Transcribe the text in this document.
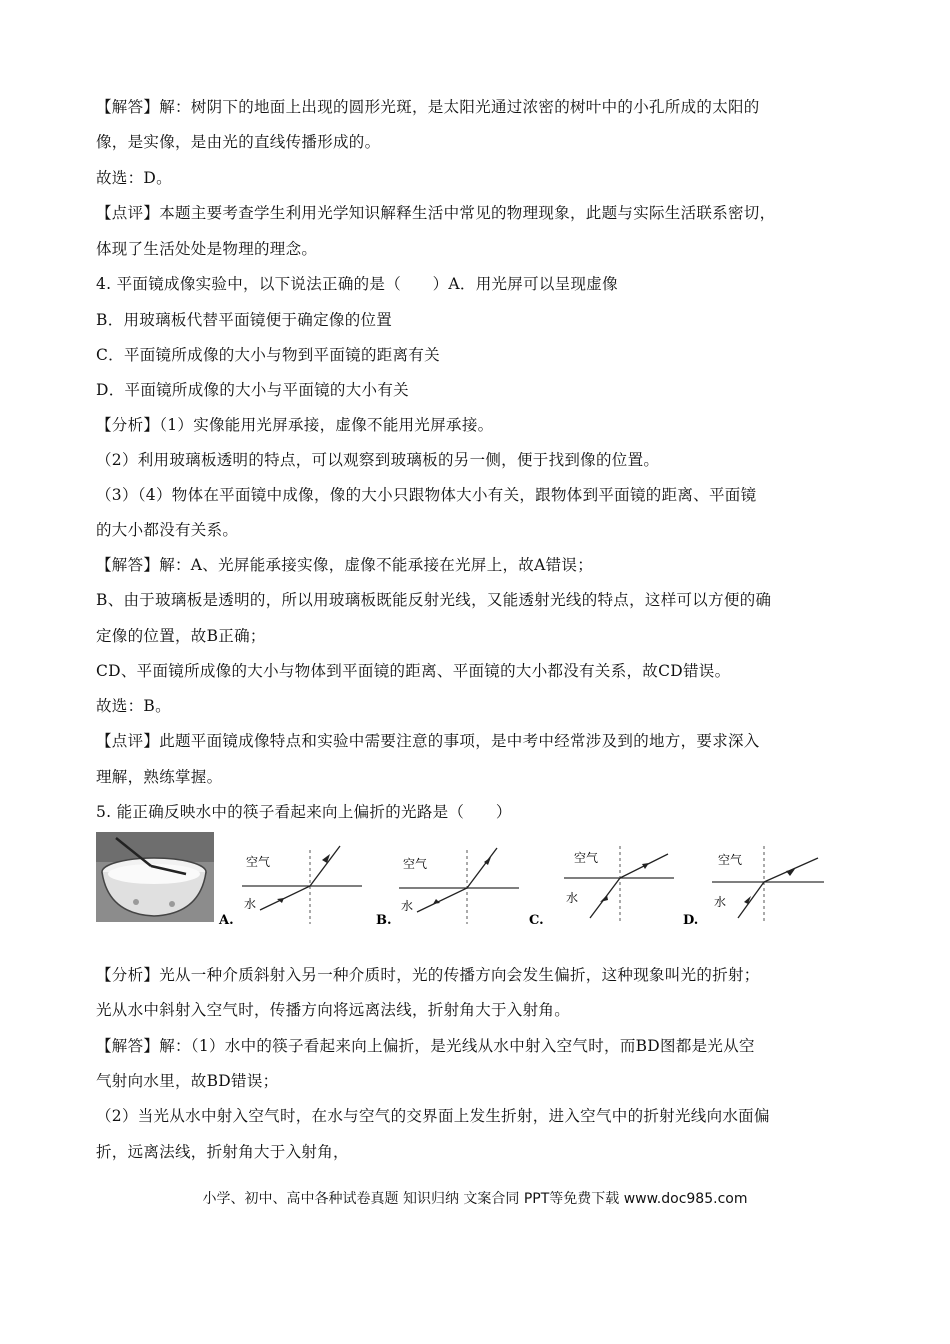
【解答】解：树阴下的地面上出现的圆形光斑，是太阳光通过浓密的树叶中的小孔所成的太阳的
像，是实像，是由光的直线传播形成的。
故选：D。
【点评】本题主要考查学生利用光学知识解释生活中常见的物理现象，此题与实际生活联系密切，
体现了生活处处是物理的理念。
4. 平面镜成像实验中，以下说法正确的是（　　）A．用光屏可以呈现虚像
B．用玻璃板代替平面镜便于确定像的位置
C．平面镜所成像的大小与物到平面镜的距离有关
D．平面镜所成像的大小与平面镜的大小有关
【分析】（1）实像能用光屏承接，虚像不能用光屏承接。
（2）利用玻璃板透明的特点，可以观察到玻璃板的另一侧，便于找到像的位置。
（3）（4）物体在平面镜中成像，像的大小只跟物体大小有关，跟物体到平面镜的距离、平面镜
的大小都没有关系。
【解答】解：A、光屏能承接实像，虚像不能承接在光屏上，故A错误；
B、由于玻璃板是透明的，所以用玻璃板既能反射光线，又能透射光线的特点，这样可以方便的确
定像的位置，故B正确；
CD、平面镜所成像的大小与物体到平面镜的距离、平面镜的大小都没有关系，故CD错误。
故选：B。
【点评】此题平面镜成像特点和实验中需要注意的事项，是中考中经常涉及到的地方，要求深入
理解，熟练掌握。
5. 能正确反映水中的筷子看起来向上偏折的光路是（　　）
【分析】光从一种介质斜射入另一种介质时，光的传播方向会发生偏折，这种现象叫光的折射；
光从水中斜射入空气时，传播方向将远离法线，折射角大于入射角。
【解答】解：（1）水中的筷子看起来向上偏折，是光线从水中射入空气时，而BD图都是光从空
气射向水里，故BD错误；
（2）当光从水中射入空气时，在水与空气的交界面上发生折射，进入空气中的折射光线向水面偏
折，远离法线，折射角大于入射角，
A.
空气
水
B.
空气
水
C.
空气
水
D.
空气
水
小学、初中、高中各种试卷真题 知识归纳 文案合同 PPT等免费下载 www.doc985.com
